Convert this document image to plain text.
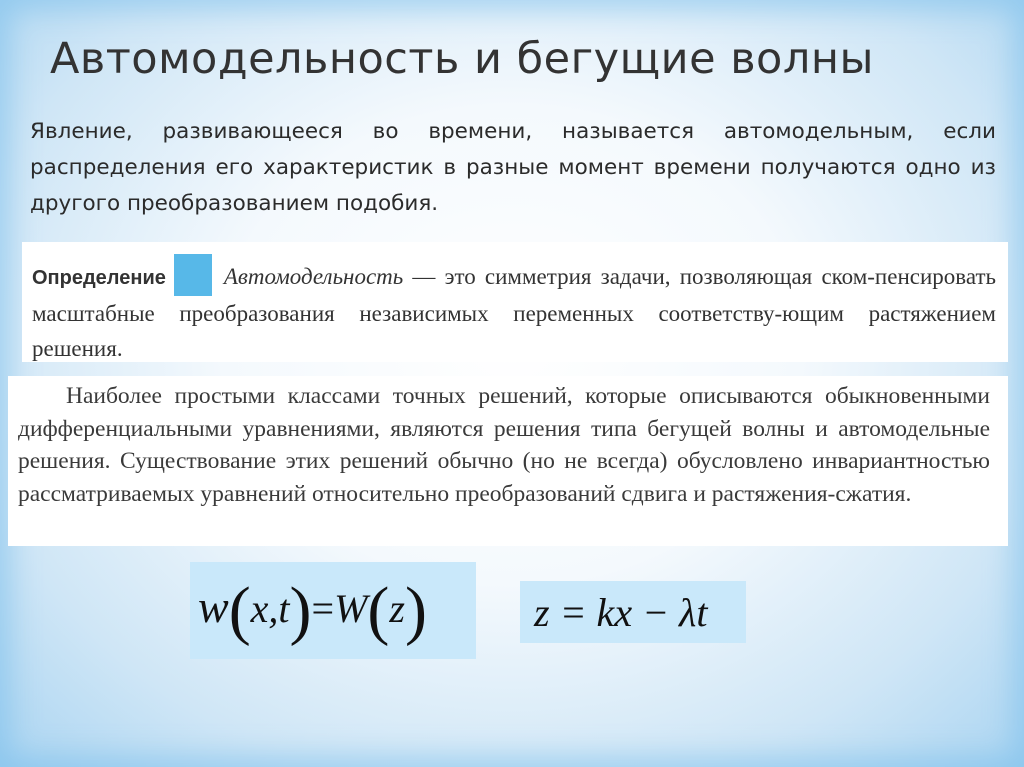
Автомодельность и бегущие волны
Явление, развивающееся во времени, называется автомодельным, если распределения его характеристик в разные момент времени получаются одно из другого преобразованием подобия.
Определение	Автомодельность — это симметрия задачи, позволяющая ском-пенсировать масштабные преобразования независимых переменных соответству-ющим растяжением решения.
Наиболее простыми классами точных решений, которые описываются обыкновенными дифференциальными уравнениями, являются решения типа бегущей волны и автомодельные решения. Существование этих решений обычно (но не всегда) обусловлено инвариантностью рассматриваемых уравнений относительно преобразований сдвига и растяжения-сжатия.
w(x,t)=W(z)	z = kx − λt
